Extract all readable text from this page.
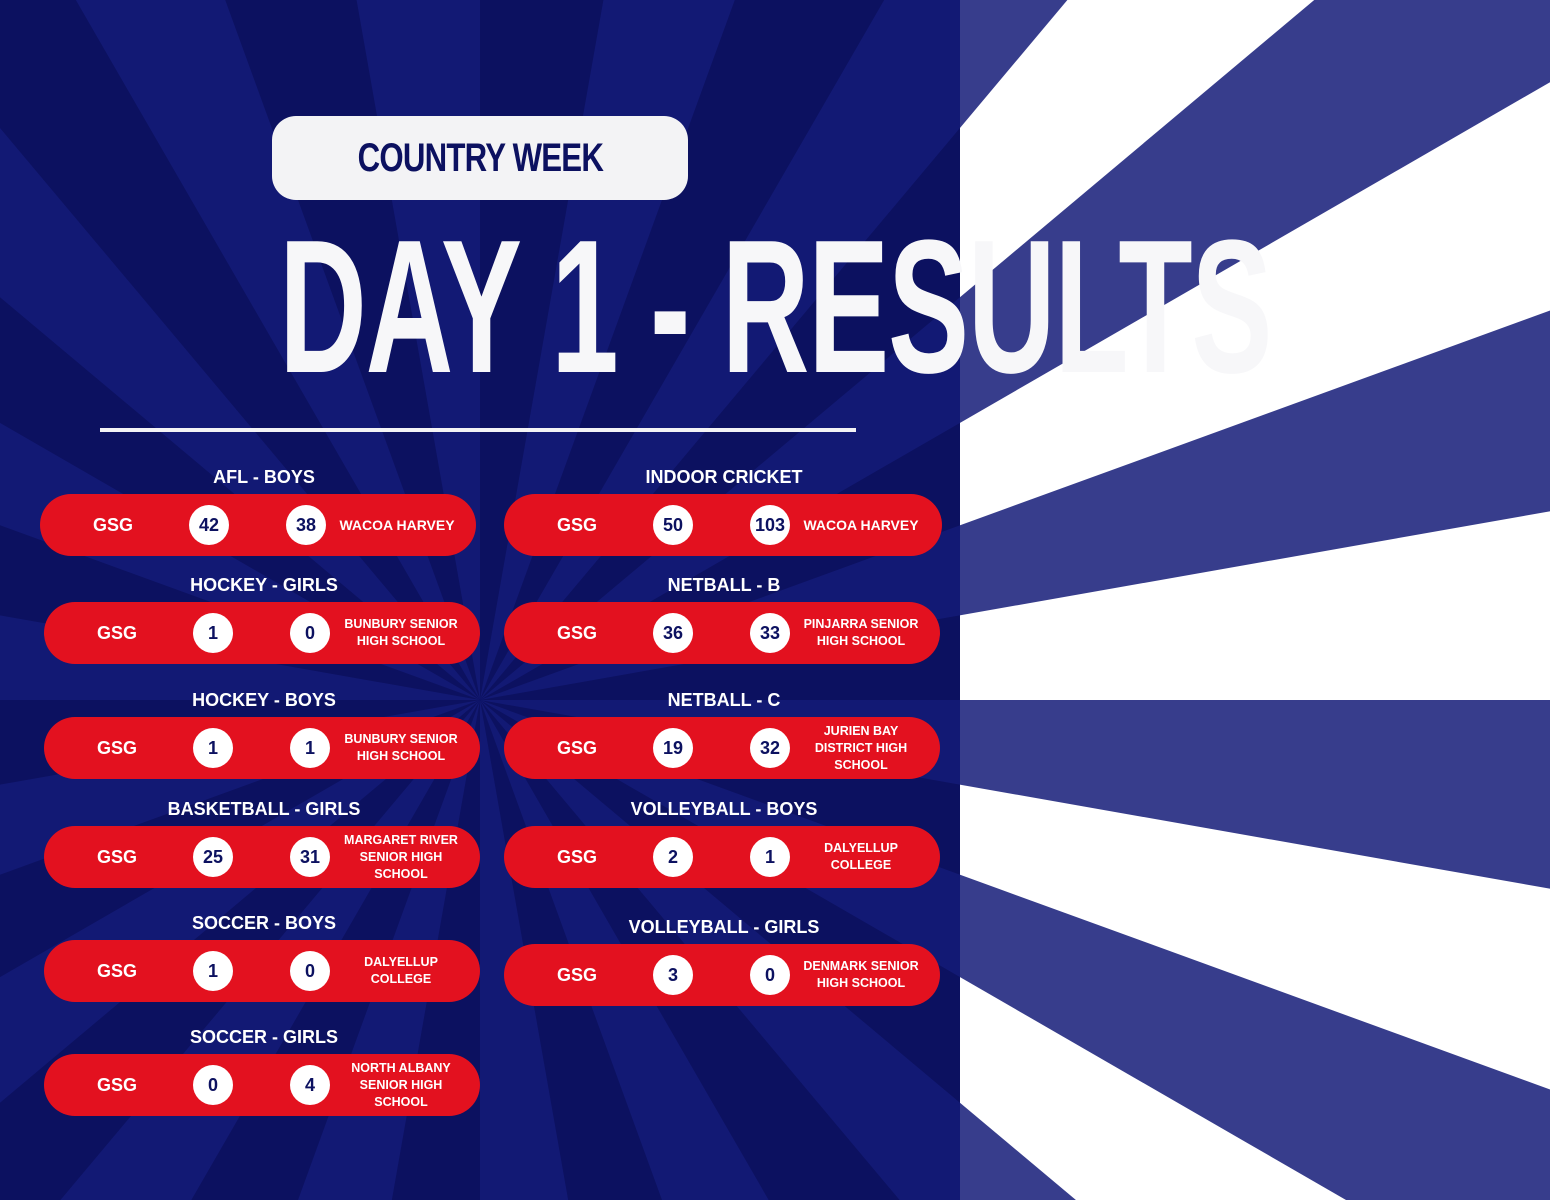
COUNTRY WEEK
DAY 1 - RESULTS
AFL - BOYS
GSG	42	38	WACOA HARVEY
HOCKEY - GIRLS
GSG	1	0	BUNBURY SENIOR HIGH SCHOOL
HOCKEY - BOYS
GSG	1	1	BUNBURY SENIOR HIGH SCHOOL
BASKETBALL - GIRLS
GSG	25	31
MARGARET RIVER SENIOR HIGH SCHOOL
SOCCER - BOYS
GSG	1	0	DALYELLUP COLLEGE
SOCCER - GIRLS
GSG	0	4
NORTH ALBANY SENIOR HIGH SCHOOL
INDOOR CRICKET
GSG	50	103	WACOA HARVEY
NETBALL - B
GSG	36	33	PINJARRA SENIOR HIGH SCHOOL
NETBALL - C
GSG	19	32
JURIEN BAY DISTRICT HIGH SCHOOL
VOLLEYBALL - BOYS
GSG	2	1	DALYELLUP COLLEGE
VOLLEYBALL - GIRLS
GSG	3	0	DENMARK SENIOR HIGH SCHOOL
